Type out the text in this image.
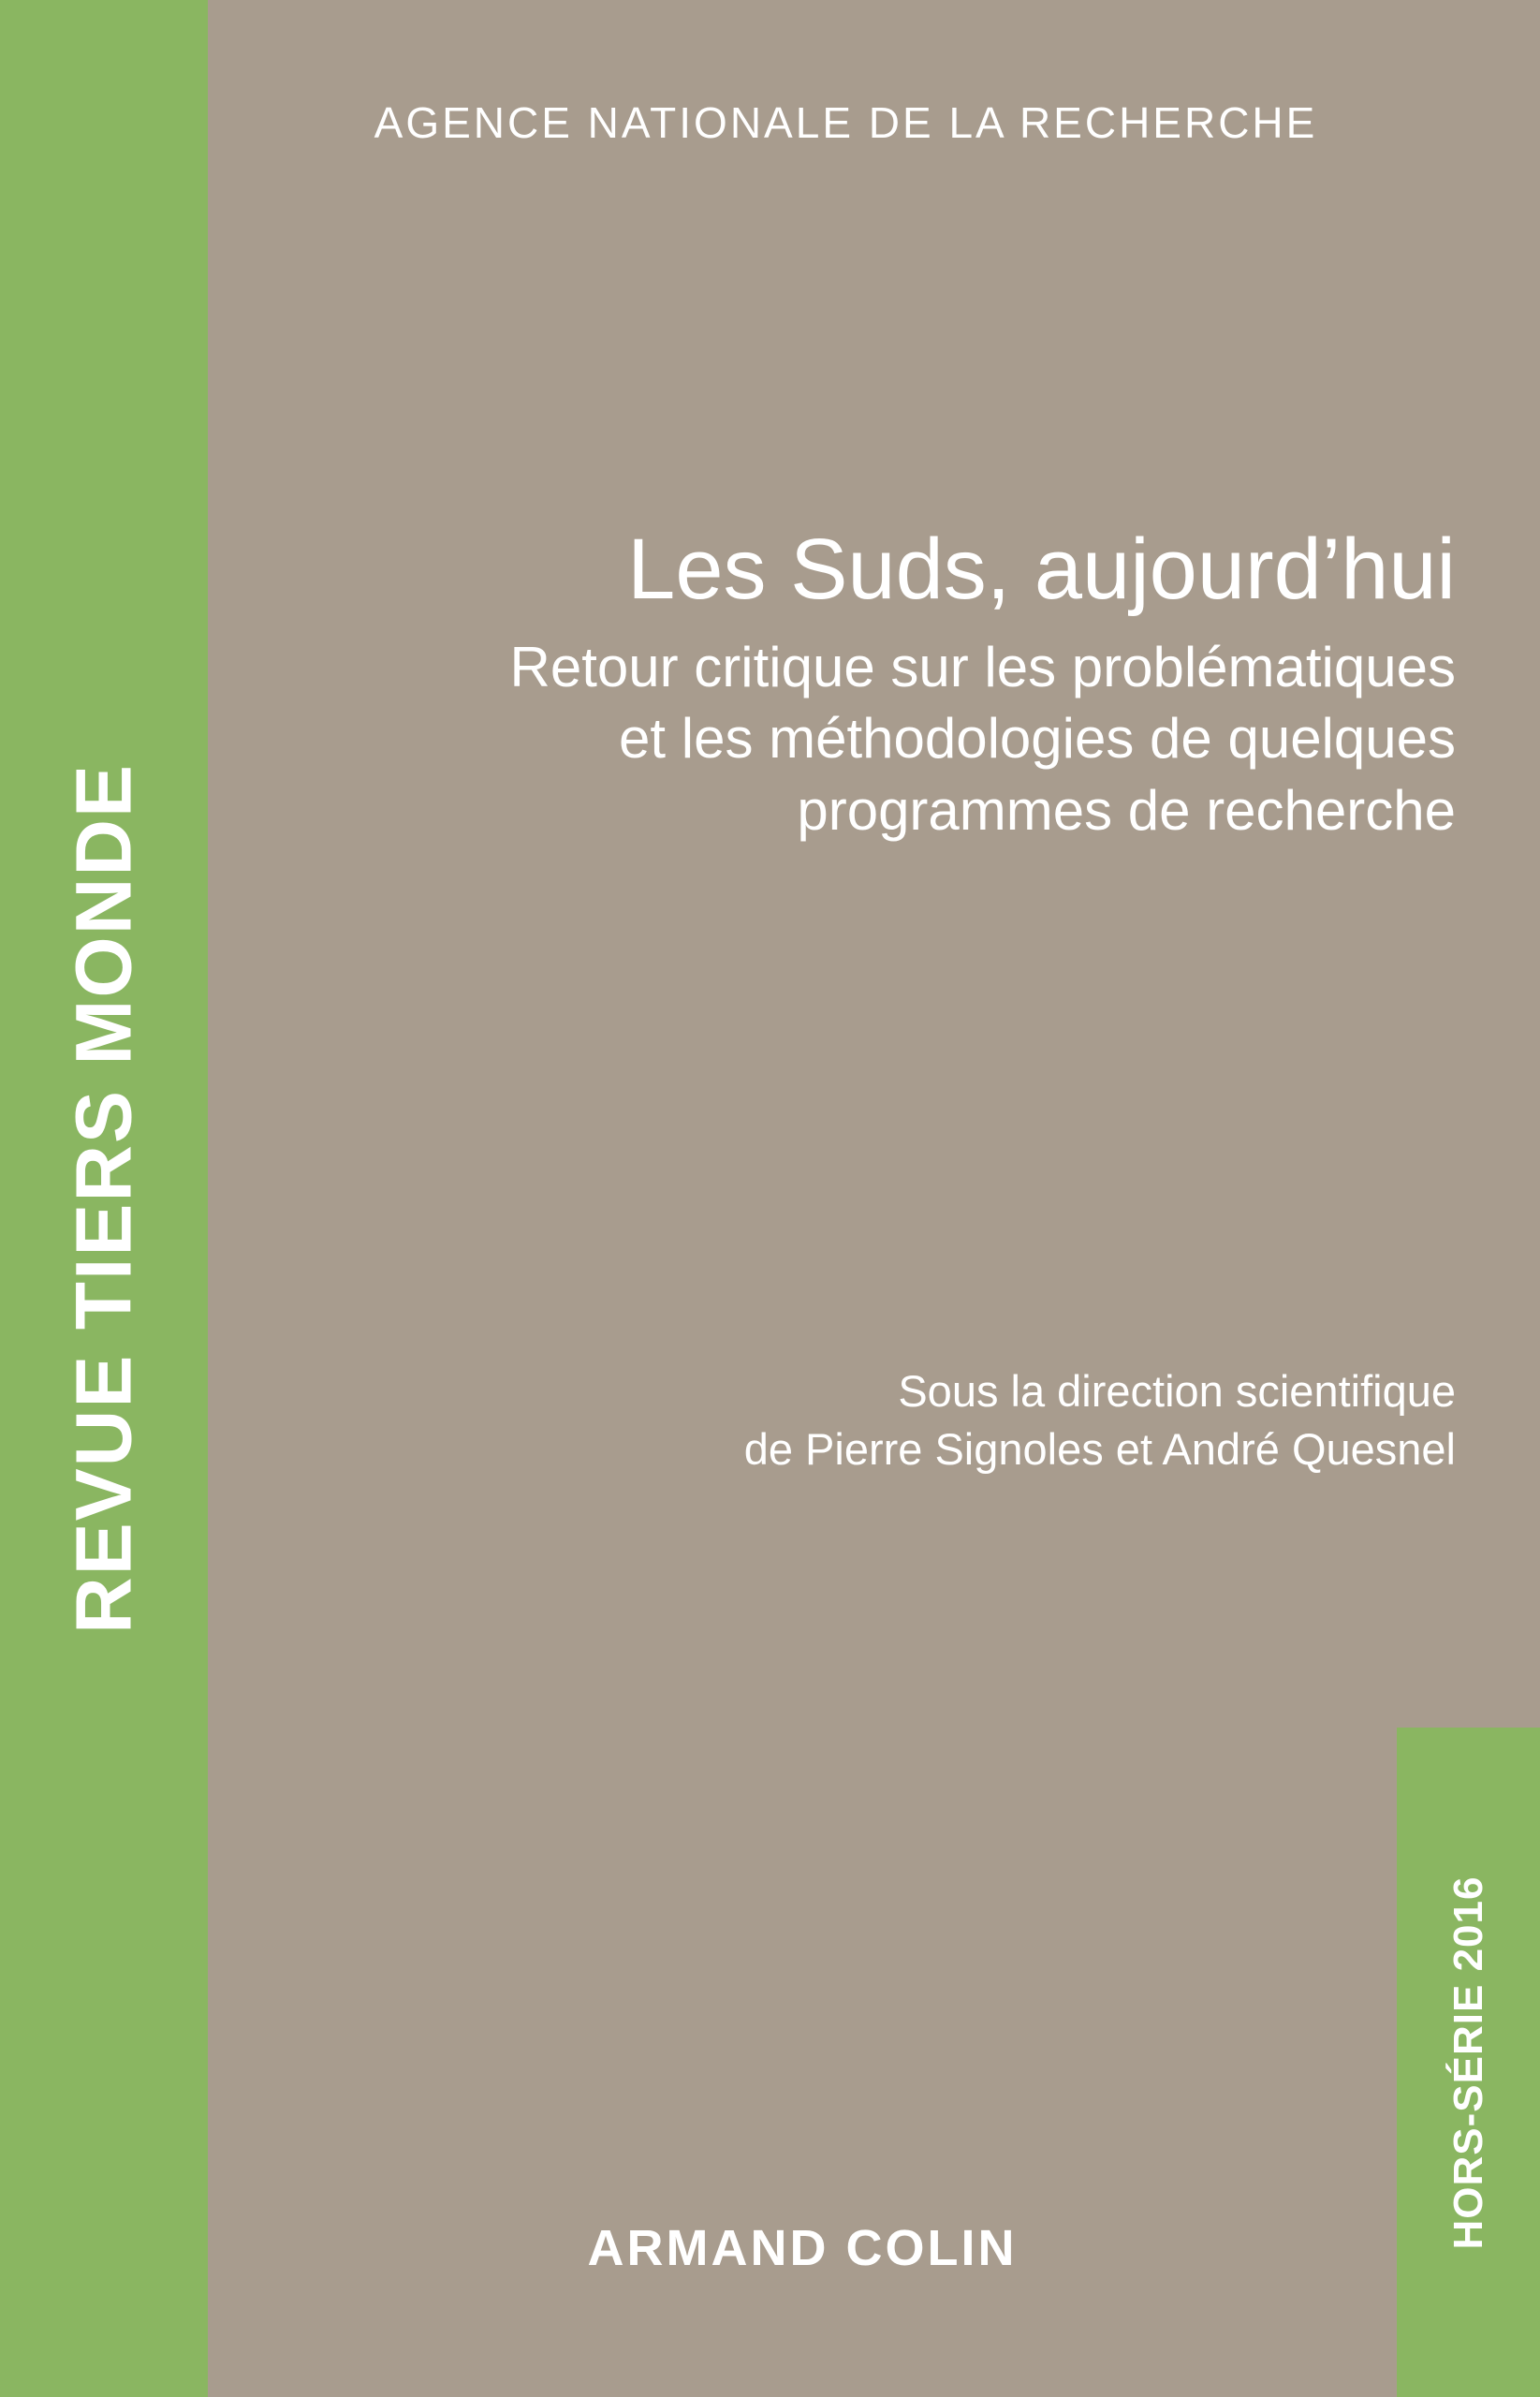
REVUE TIERS MONDE
AGENCE NATIONALE DE LA RECHERCHE
Les Suds, aujourd’hui
Retour critique sur les problématiques
et les méthodologies de quelques
programmes de recherche
Sous la direction scientifique
de Pierre Signoles et André Quesnel
HORS-SÉRIE 2016
ARMAND COLIN
